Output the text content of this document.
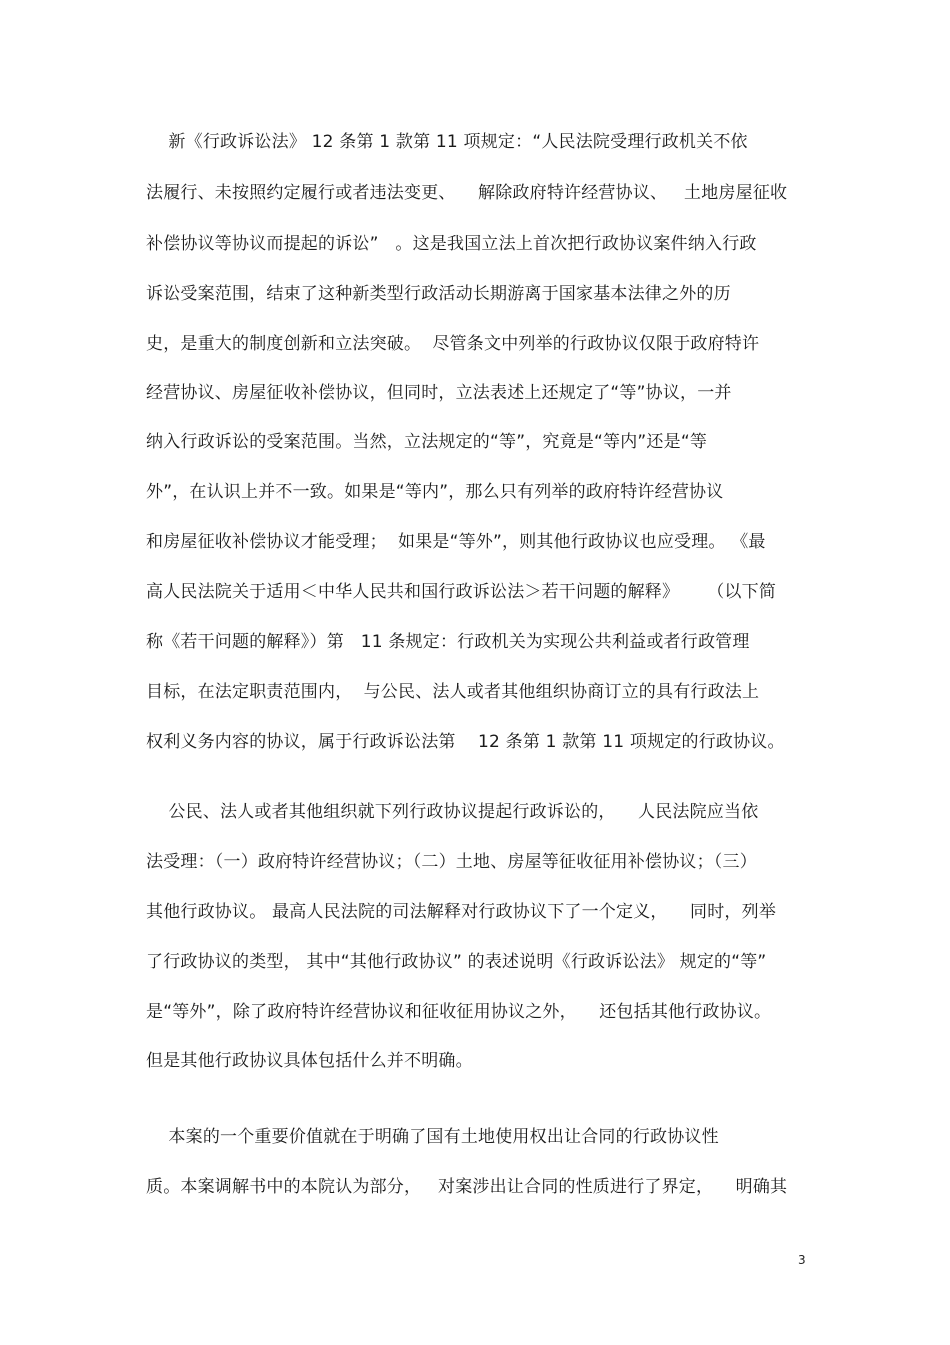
新《行政诉讼法》 12 条第 1 款第 11 项规定：“人民法院受理行政机关不依
法履行、未按照约定履行或者违法变更、    解除政府特许经营协议、   土地房屋征收
补偿协议等协议而提起的诉讼”   。这是我国立法上首次把行政协议案件纳入行政
诉讼受案范围，结束了这种新类型行政活动长期游离于国家基本法律之外的历
史，是重大的制度创新和立法突破。  尽管条文中列举的行政协议仅限于政府特许
经营协议、房屋征收补偿协议，但同时，立法表述上还规定了“等”协议，一并
纳入行政诉讼的受案范围。当然，立法规定的“等”，究竟是“等内”还是“等
外”，在认识上并不一致。如果是“等内”，那么只有列举的政府特许经营协议
和房屋征收补偿协议才能受理；  如果是“等外”，则其他行政协议也应受理。 《最
高人民法院关于适用＜中华人民共和国行政诉讼法＞若干问题的解释》     （以下简
称《若干问题的解释》）第   11 条规定：行政机关为实现公共利益或者行政管理
目标，在法定职责范围内，  与公民、法人或者其他组织协商订立的具有行政法上
权利义务内容的协议，属于行政诉讼法第    12 条第 1 款第 11 项规定的行政协议。
公民、法人或者其他组织就下列行政协议提起行政诉讼的，    人民法院应当依
法受理：（一）政府特许经营协议；（二）土地、房屋等征收征用补偿协议；（三）
其他行政协议。 最高人民法院的司法解释对行政协议下了一个定义，    同时，列举
了行政协议的类型， 其中“其他行政协议” 的表述说明《行政诉讼法》 规定的“等”
是“等外”，除了政府特许经营协议和征收征用协议之外，    还包括其他行政协议。
但是其他行政协议具体包括什么并不明确。
本案的一个重要价值就在于明确了国有土地使用权出让合同的行政协议性
质。本案调解书中的本院认为部分，   对案涉出让合同的性质进行了界定，    明确其
3
